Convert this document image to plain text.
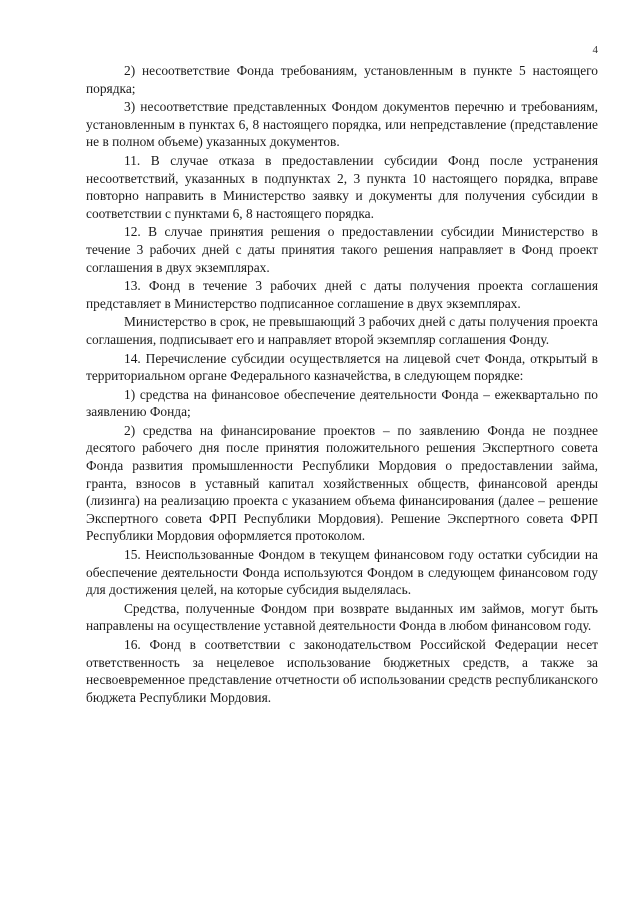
4

2) несоответствие Фонда требованиям, установленным в пункте 5 настоящего порядка;

3) несоответствие представленных Фондом документов перечню и требованиям, установленным в пунктах 6, 8 настоящего порядка, или непредставление (представление не в полном объеме) указанных документов.

11. В случае отказа в предоставлении субсидии Фонд после устранения несоответствий, указанных в подпунктах 2, 3 пункта 10 настоящего порядка, вправе повторно направить в Министерство заявку и документы для получения субсидии в соответствии с пунктами 6, 8 настоящего порядка.

12. В случае принятия решения о предоставлении субсидии Министерство в течение 3 рабочих дней с даты принятия такого решения направляет в Фонд проект соглашения в двух экземплярах.

13. Фонд в течение 3 рабочих дней с даты получения проекта соглашения представляет в Министерство подписанное соглашение в двух экземплярах.

Министерство в срок, не превышающий 3 рабочих дней с даты получения проекта соглашения, подписывает его и направляет второй экземпляр соглашения Фонду.

14. Перечисление субсидии осуществляется на лицевой счет Фонда, открытый в территориальном органе Федерального казначейства, в следующем порядке:

1) средства на финансовое обеспечение деятельности Фонда – ежеквартально по заявлению Фонда;

2) средства на финансирование проектов – по заявлению Фонда не позднее десятого рабочего дня после принятия положительного решения Экспертного совета Фонда развития промышленности Республики Мордовия о предоставлении займа, гранта, взносов в уставный капитал хозяйственных обществ, финансовой аренды (лизинга) на реализацию проекта с указанием объема финансирования (далее – решение Экспертного совета ФРП Республики Мордовия). Решение Экспертного совета ФРП Республики Мордовия оформляется протоколом.

15. Неиспользованные Фондом в текущем финансовом году остатки субсидии на обеспечение деятельности Фонда используются Фондом в следующем финансовом году для достижения целей, на которые субсидия выделялась.

Средства, полученные Фондом при возврате выданных им займов, могут быть направлены на осуществление уставной деятельности Фонда в любом финансовом году.

16. Фонд в соответствии с законодательством Российской Федерации несет ответственность за нецелевое использование бюджетных средств, а также за несвоевременное представление отчетности об использовании средств республиканского бюджета Республики Мордовия.
